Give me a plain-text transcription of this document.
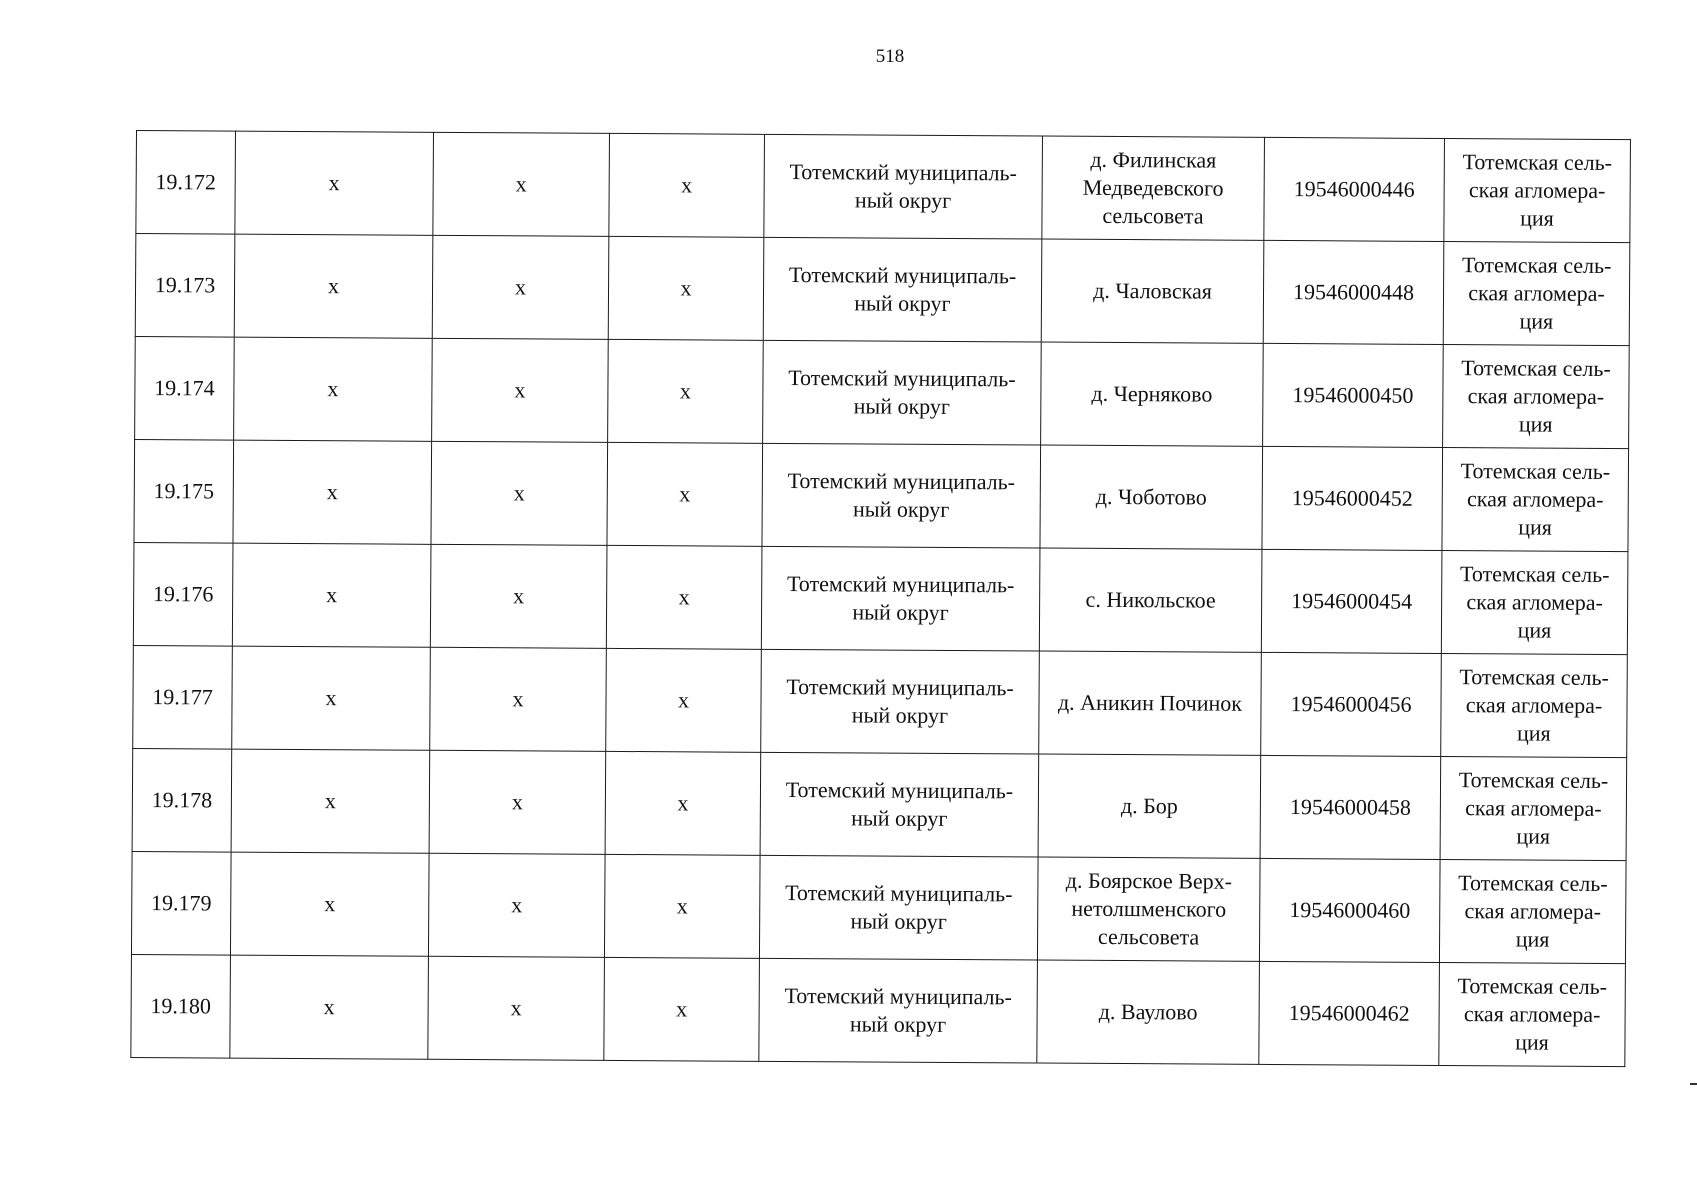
518
19.172	x	x	x	Тотемский муниципаль-
ный округ	д. Филинская
Медведевского
сельсовета	19546000446	Тотемская сель-
ская агломера-
ция
19.173	x	x	x	Тотемский муниципаль-
ный округ	д. Чаловская	19546000448	Тотемская сель-
ская агломера-
ция
19.174	x	x	x	Тотемский муниципаль-
ный округ	д. Черняково	19546000450	Тотемская сель-
ская агломера-
ция
19.175	x	x	x	Тотемский муниципаль-
ный округ	д. Чоботово	19546000452	Тотемская сель-
ская агломера-
ция
19.176	x	x	x	Тотемский муниципаль-
ный округ	с. Никольское	19546000454	Тотемская сель-
ская агломера-
ция
19.177	x	x	x	Тотемский муниципаль-
ный округ	д. Аникин Починок	19546000456	Тотемская сель-
ская агломера-
ция
19.178	x	x	x	Тотемский муниципаль-
ный округ	д. Бор	19546000458	Тотемская сель-
ская агломера-
ция
19.179	x	x	x	Тотемский муниципаль-
ный округ	д. Боярское Верх-
нетолшменского
сельсовета	19546000460	Тотемская сель-
ская агломера-
ция
19.180	x	x	x	Тотемский муниципаль-
ный округ	д. Ваулово	19546000462	Тотемская сель-
ская агломера-
ция
